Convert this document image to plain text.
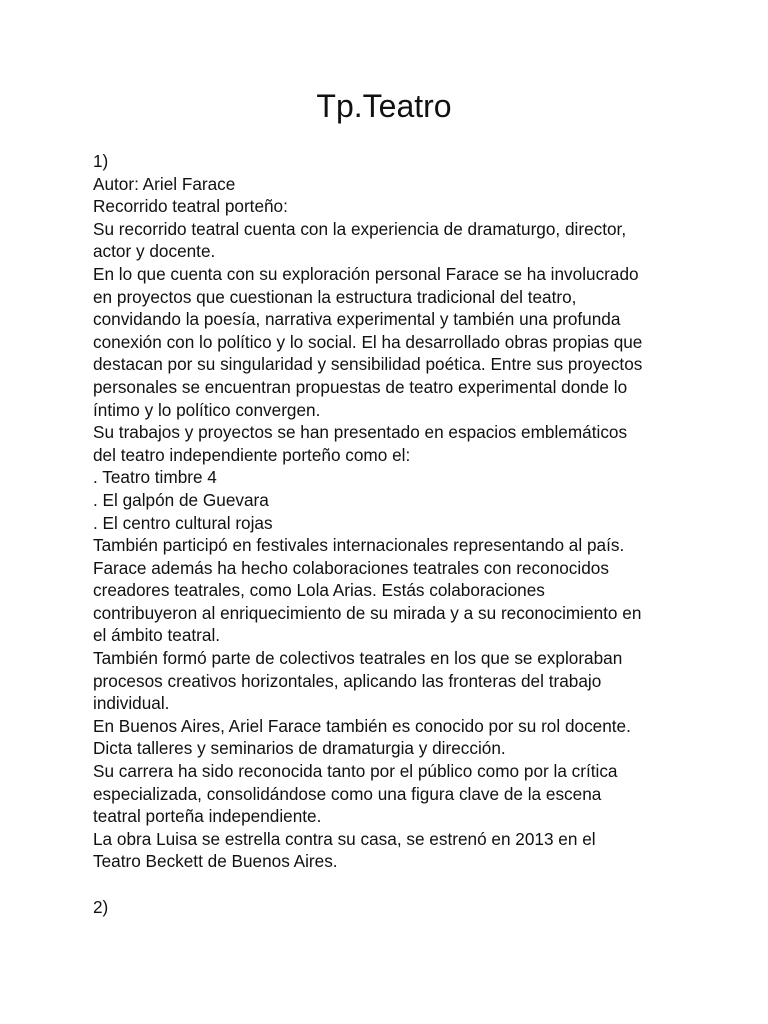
Tp.Teatro
1)
Autor: Ariel Farace
Recorrido teatral porteño:
Su recorrido teatral cuenta con la experiencia de dramaturgo, director,
actor y docente.
En lo que cuenta con su exploración personal Farace se ha involucrado
en proyectos que cuestionan la estructura tradicional del teatro,
convidando la poesía, narrativa experimental y también una profunda
conexión con lo político y lo social. El ha desarrollado obras propias que
destacan por su singularidad y sensibilidad poética. Entre sus proyectos
personales se encuentran propuestas de teatro experimental donde lo
íntimo y lo político convergen.
Su trabajos y proyectos se han presentado en espacios emblemáticos
del teatro independiente porteño como el:
. Teatro timbre 4
. El galpón de Guevara
. El centro cultural rojas
También participó en festivales internacionales representando al país.
Farace además ha hecho colaboraciones teatrales con reconocidos
creadores teatrales, como Lola Arias. Estás colaboraciones
contribuyeron al enriquecimiento de su mirada y a su reconocimiento en
el ámbito teatral.
También formó parte de colectivos teatrales en los que se exploraban
procesos creativos horizontales, aplicando las fronteras del trabajo
individual.
En Buenos Aires, Ariel Farace también es conocido por su rol docente.
Dicta talleres y seminarios de dramaturgia y dirección.
Su carrera ha sido reconocida tanto por el público como por la crítica
especializada, consolidándose como una figura clave de la escena
teatral porteña independiente.
La obra Luisa se estrella contra su casa, se estrenó en 2013 en el
Teatro Beckett de Buenos Aires.
2)
